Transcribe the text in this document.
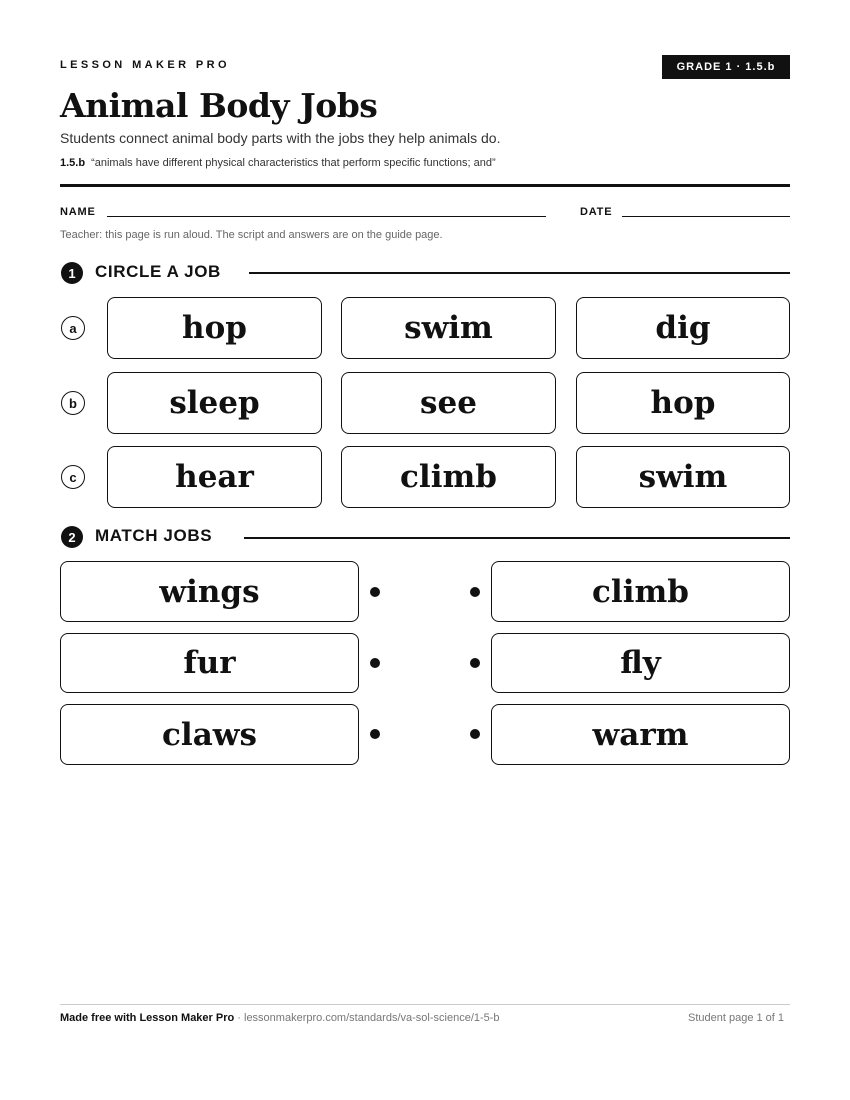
LESSON MAKER PRO	GRADE 1 · 1.5.b
Animal Body Jobs
Students connect animal body parts with the jobs they help animals do.
1.5.b “animals have different physical characteristics that perform specific functions; and”
NAME	DATE
Teacher: this page is run aloud. The script and answers are on the guide page.
1	CIRCLE A JOB
a	hop	swim	dig
b	sleep	see	hop
c	hear	climb	swim
2	MATCH JOBS
wings	climb
fur	fly
claws	warm
Made free with Lesson Maker Pro · lessonmakerpro.com/standards/va-sol-science/1-5-b	Student page 1 of 1
